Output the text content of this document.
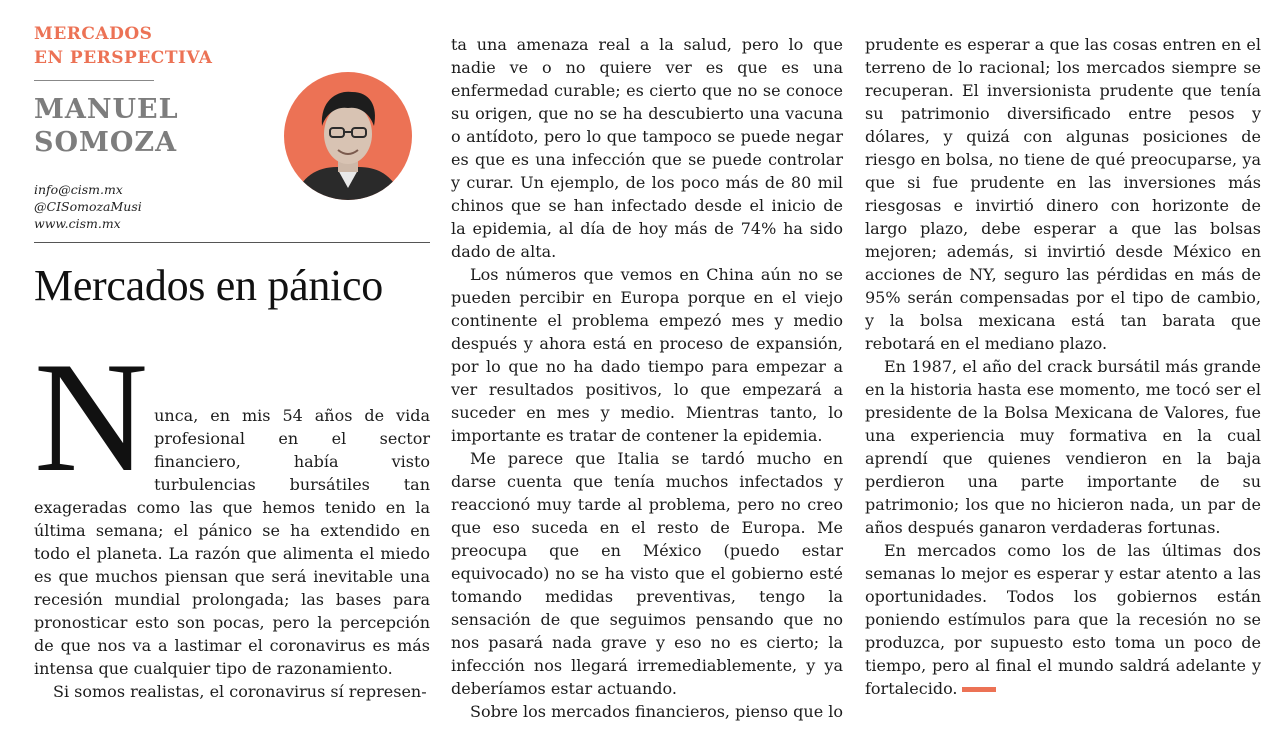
MERCADOS
EN PERSPECTIVA
MANUEL
SOMOZA
info@cism.mx
@CISomozaMusi
www.cism.mx
Mercados en pánico
N unca, en mis 54 años de vida profesional en el sector financiero, había visto turbulencias bursátiles tan exageradas como las que hemos tenido en la última semana; el pánico se ha extendido en todo el planeta. La razón que alimenta el miedo es que muchos piensan que será inevitable una recesión mundial prolongada; las bases para pronosticar esto son pocas, pero la percepción de que nos va a lastimar el coronavirus es más intensa que cualquier tipo de razonamiento.

Si somos realistas, el coronavirus sí represen-

ta una amenaza real a la salud, pero lo que nadie ve o no quiere ver es que es una enfermedad curable; es cierto que no se conoce su origen, que no se ha descubierto una vacuna o antídoto, pero lo que tampoco se puede negar es que es una infección que se puede controlar y curar. Un ejemplo, de los poco más de 80 mil chinos que se han infectado desde el inicio de la epidemia, al día de hoy más de 74% ha sido dado de alta.

Los números que vemos en China aún no se pueden percibir en Europa porque en el viejo continente el problema empezó mes y medio después y ahora está en proceso de expansión, por lo que no ha dado tiempo para empezar a ver resultados positivos, lo que empezará a suceder en mes y medio. Mientras tanto, lo importante es tratar de contener la epidemia.

Me parece que Italia se tardó mucho en darse cuenta que tenía muchos infectados y reaccionó muy tarde al problema, pero no creo que eso suceda en el resto de Europa. Me preocupa que en México (puedo estar equivocado) no se ha visto que el gobierno esté tomando medidas preventivas, tengo la sensación de que seguimos pensando que no nos pasará nada grave y eso no es cierto; la infección nos llegará irremediablemente, y ya deberíamos estar actuando.

Sobre los mercados financieros, pienso que lo

prudente es esperar a que las cosas entren en el terreno de lo racional; los mercados siempre se recuperan. El inversionista prudente que tenía su patrimonio diversificado entre pesos y dólares, y quizá con algunas posiciones de riesgo en bolsa, no tiene de qué preocuparse, ya que si fue prudente en las inversiones más riesgosas e invirtió dinero con horizonte de largo plazo, debe esperar a que las bolsas mejoren; además, si invirtió desde México en acciones de NY, seguro las pérdidas en más de 95% serán compensadas por el tipo de cambio, y la bolsa mexicana está tan barata que rebotará en el mediano plazo.

En 1987, el año del crack bursátil más grande en la historia hasta ese momento, me tocó ser el presidente de la Bolsa Mexicana de Valores, fue una experiencia muy formativa en la cual aprendí que quienes vendieron en la baja perdieron una parte importante de su patrimonio; los que no hicieron nada, un par de años después ganaron verdaderas fortunas.

En mercados como los de las últimas dos semanas lo mejor es esperar y estar atento a las oportunidades. Todos los gobiernos están poniendo estímulos para que la recesión no se produzca, por supuesto esto toma un poco de tiempo, pero al final el mundo saldrá adelante y fortalecido.
